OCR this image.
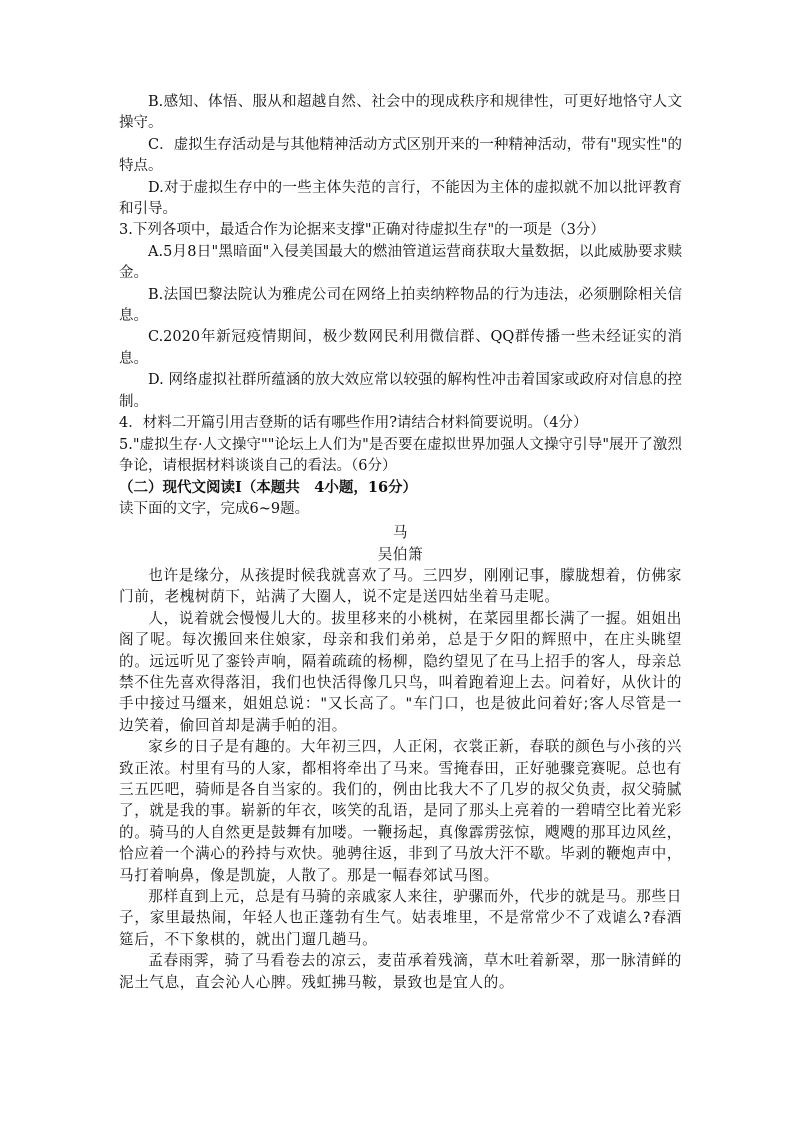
B.感知、体悟、服从和超越自然、社会中的现成秩序和规律性，可更好地恪守人文操守。

C．虚拟生存活动是与其他精神活动方式区别开来的一种精神活动，带有"现实性"的特点。

D.对于虚拟生存中的一些主体失范的言行，不能因为主体的虚拟就不加以批评教育和引导。

3.下列各项中，最适合作为论据来支撑"正确对待虚拟生存"的一项是（3分）

A.5月8日"黑暗面"入侵美国最大的燃油管道运营商获取大量数据，以此威胁要求赎金。

B.法国巴黎法院认为雅虎公司在网络上拍卖纳粹物品的行为违法，必须删除相关信息。

C.2020年新冠疫情期间，极少数网民利用微信群、QQ群传播一些未经证实的消息。

D. 网络虚拟社群所蕴涵的放大效应常以较强的解构性冲击着国家或政府对信息的控制。

4．材料二开篇引用吉登斯的话有哪些作用?请结合材料简要说明。（4分）

5."虚拟生存·人文操守""论坛上人们为"是否要在虚拟世界加强人文操守引导"展开了激烈争论，请根据材料谈谈自己的看法。（6分）

（二）现代文阅读Ⅰ（本题共　4小题，16分）

读下面的文字，完成6~9题。

马

吴伯箫

也许是缘分，从孩提时候我就喜欢了马。三四岁，刚刚记事，朦胧想着，仿佛家门前，老槐树荫下，站满了大圈人，说不定是送四姑坐着马走呢。

人，说着就会慢慢儿大的。拔里移来的小桃树，在菜园里都长满了一握。姐姐出阁了呢。每次搬回来住娘家，母亲和我们弟弟，总是于夕阳的辉照中，在庄头眺望的。远远听见了銮铃声响，隔着疏疏的杨柳，隐约望见了在马上招手的客人，母亲总禁不住先喜欢得落泪，我们也快活得像几只鸟，叫着跑着迎上去。问着好，从伙计的手中接过马缰来，姐姐总说："又长高了。"车门口，也是彼此问着好;客人尽管是一边笑着，偷回首却是满手帕的泪。

家乡的日子是有趣的。大年初三四，人正闲，衣裳正新，春联的颜色与小孩的兴致正浓。村里有马的人家，都相将牵出了马来。雪掩春田，正好驰骤竞赛呢。总也有三五匹吧，骑师是各自当家的。我们的，例由比我大不了几岁的叔父负责，叔父骑腻了，就是我的事。崭新的年衣，咳笑的乱语，是同了那头上亮着的一碧晴空比着光彩的。骑马的人自然更是鼓舞有加喽。一鞭扬起，真像霹雳弦惊，飕飕的那耳边风丝，恰应着一个满心的矜持与欢快。驰骋往返，非到了马放大汗不歇。毕剥的鞭炮声中，马打着响鼻，像是凯旋，人散了。那是一幅春郊试马图。

那样直到上元，总是有马骑的亲戚家人来往，驴骡而外，代步的就是马。那些日子，家里最热闹，年轻人也正蓬勃有生气。姑表堆里，不是常常少不了戏谑么?春酒筵后，不下象棋的，就出门遛几趟马。

孟春雨霁，骑了马看卷去的凉云，麦苗承着残滴，草木吐着新翠，那一脉清鲜的泥土气息，直会沁人心脾。残虹拂马鞍，景致也是宜人的。
